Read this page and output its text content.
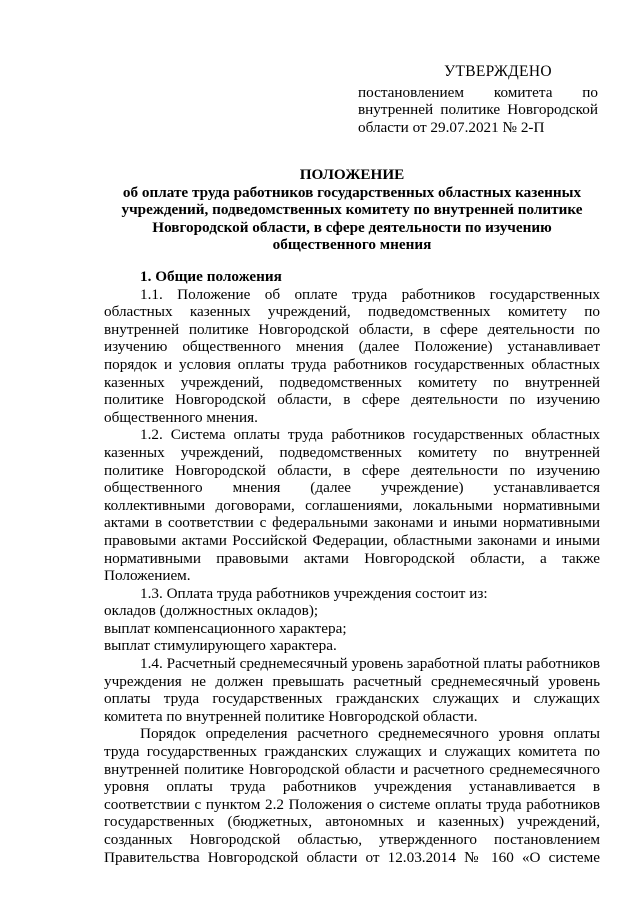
УТВЕРЖДЕНО

постановлением комитета по внутренней политике Новгородской области от 29.07.2021 № 2-П

ПОЛОЖЕНИЕ

об оплате труда работников государственных областных казенных учреждений, подведомственных комитету по внутренней политике Новгородской области, в сфере деятельности по изучению общественного мнения

1. Общие положения

1.1. Положение об оплате труда работников государственных областных казенных учреждений, подведомственных комитету по внутренней политике Новгородской области, в сфере деятельности по изучению общественного мнения (далее Положение) устанавливает порядок и условия оплаты труда работников государственных областных казенных учреждений, подведомственных комитету по внутренней политике Новгородской области, в сфере деятельности по изучению общественного мнения.

1.2. Система оплаты труда работников государственных областных казенных учреждений, подведомственных комитету по внутренней политике Новгородской области, в сфере деятельности по изучению общественного мнения (далее учреждение) устанавливается коллективными договорами, соглашениями, локальными нормативными актами в соответствии с федеральными законами и иными нормативными правовыми актами Российской Федерации, областными законами и иными нормативными правовыми актами Новгородской области, а также Положением.

1.3. Оплата труда работников учреждения состоит из:

окладов (должностных окладов);

выплат компенсационного характера;

выплат стимулирующего характера.

1.4. Расчетный среднемесячный уровень заработной платы работников учреждения не должен превышать расчетный среднемесячный уровень оплаты труда государственных гражданских служащих и служащих комитета по внутренней политике Новгородской области.

Порядок определения расчетного среднемесячного уровня оплаты труда государственных гражданских служащих и служащих комитета по внутренней политике Новгородской области и расчетного среднемесячного уровня оплаты труда работников учреждения устанавливается в соответствии с пунктом 2.2 Положения о системе оплаты труда работников государственных (бюджетных, автономных и казенных) учреждений, созданных Новгородской областью, утвержденного постановлением Правительства Новгородской области от 12.03.2014 № 160 «О системе
